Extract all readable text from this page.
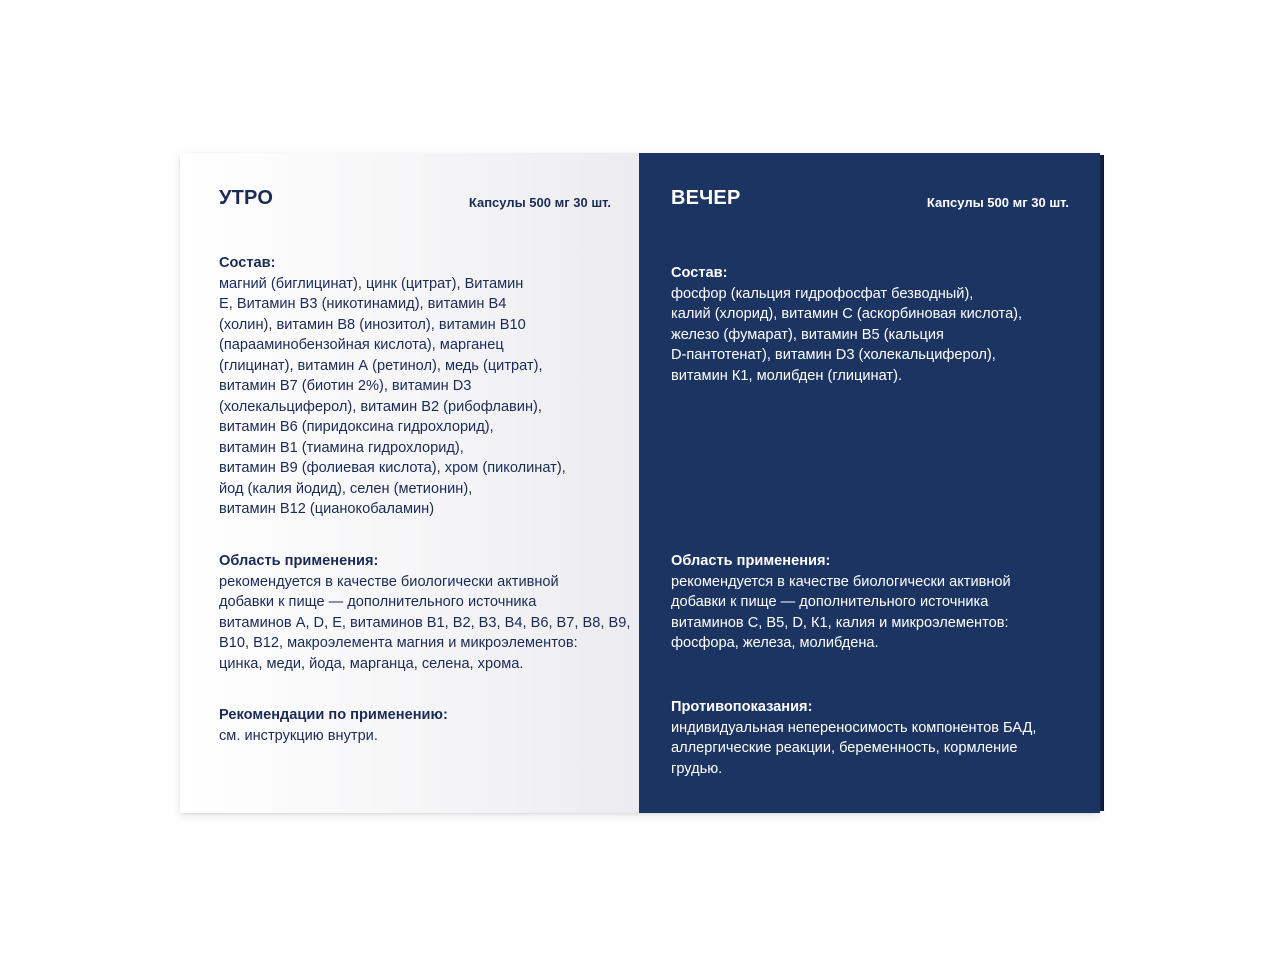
УТРО	Капсулы 500 мг 30 шт.
Состав:
магний (биглицинат), цинк (цитрат), Витамин
Е, Витамин В3 (никотинамид), витамин В4
(холин), витамин В8 (инозитол), витамин В10
(парааминобензойная кислота), марганец
(глицинат), витамин А (ретинол), медь (цитрат),
витамин В7 (биотин 2%), витамин D3
(холекальциферол), витамин В2 (рибофлавин),
витамин В6 (пиридоксина гидрохлорид),
витамин В1 (тиамина гидрохлорид),
витамин В9 (фолиевая кислота), хром (пиколинат),
йод (калия йодид), селен (метионин),
витамин В12 (цианокобаламин)
Область применения:
рекомендуется в качестве биологически активной
добавки к пище — дополнительного источника
витаминов А, D, Е, витаминов В1, В2, В3, В4, В6, В7, В8, В9,
В10, В12, макроэлемента магния и микроэлементов:
цинка, меди, йода, марганца, селена, хрома.
Рекомендации по применению:
см. инструкцию внутри.
ВЕЧЕР	Капсулы 500 мг 30 шт.
Состав:
фосфор (кальция гидрофосфат безводный),
калий (хлорид), витамин С (аскорбиновая кислота),
железо (фумарат), витамин В5 (кальция
D-пантотенат), витамин D3 (холекальциферол),
витамин К1, молибден (глицинат).
Область применения:
рекомендуется в качестве биологически активной
добавки к пище — дополнительного источника
витаминов С, В5, D, К1, калия и микроэлементов:
фосфора, железа, молибдена.
Противопоказания:
индивидуальная непереносимость компонентов БАД,
аллергические реакции, беременность, кормление
грудью.
